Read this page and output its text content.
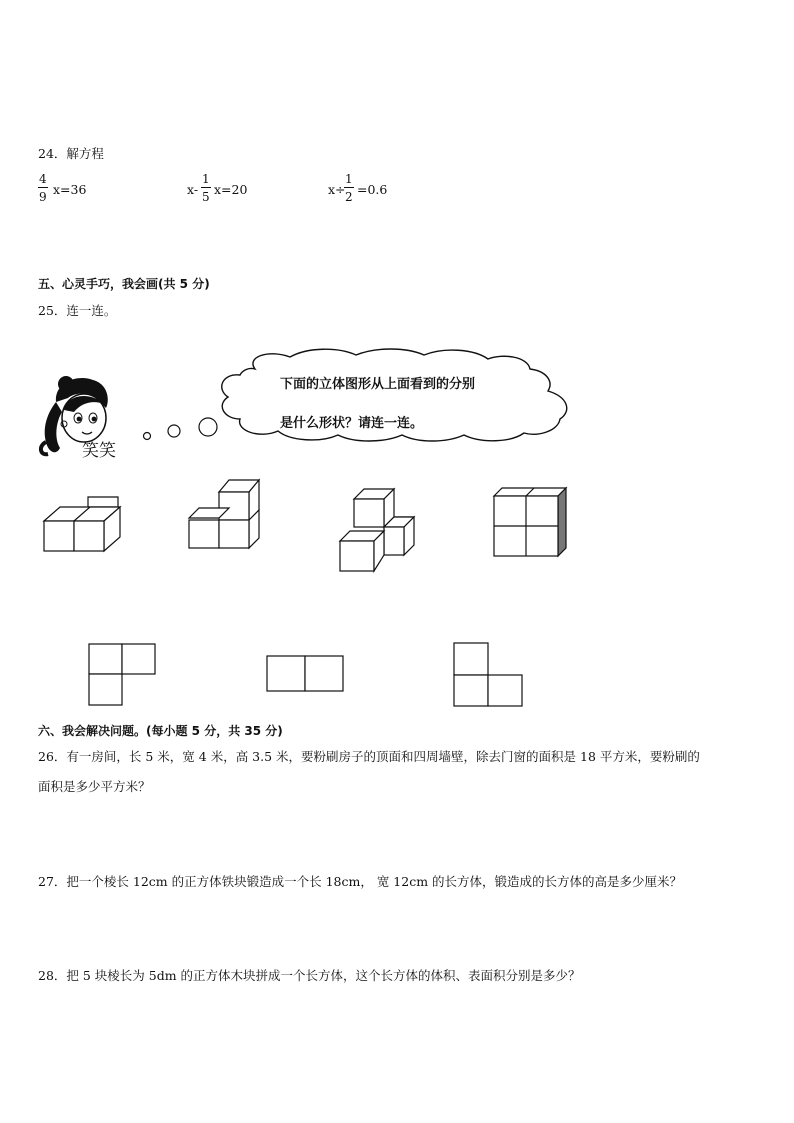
24．解方程
$\frac{4}{9} x=36$	$x- \frac{1}{5} x=20$	x÷
$\frac{1}{2} =0.6$
五、心灵手巧，我会画(共 5 分)
25．连一连。
笑笑
下面的立体图形从上面看到的分别
是什么形状？请连一连。
六、我会解决问题。(每小题 5 分，共 35 分)
26．有一房间，长 5 米，宽 4 米，高 3.5 米，要粉刷房子的顶面和四周墙壁，除去门窗的面积是 18 平方米，要粉刷的
面积是多少平方米？
27．把一个棱长 12cm 的正方体铁块锻造成一个长 18cm， 宽 12cm 的长方体，锻造成的长方体的高是多少厘米？
28．把 5 块棱长为 5dm 的正方体木块拼成一个长方体，这个长方体的体积、表面积分别是多少？
